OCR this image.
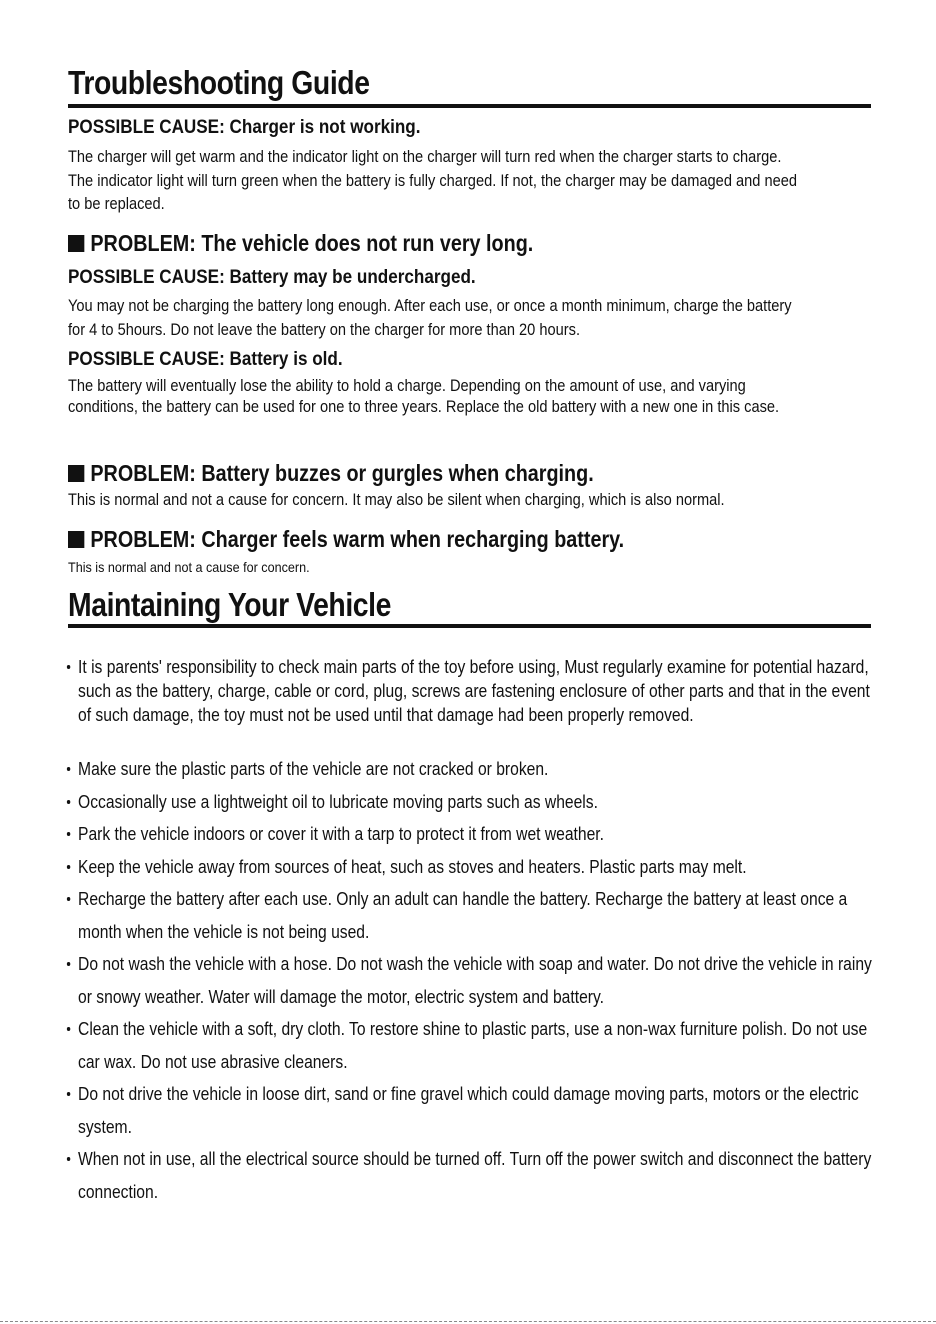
Troubleshooting Guide

POSSIBLE CAUSE: Charger is not working.

The charger will get warm and the indicator light on the charger will turn red when the charger starts to charge. The indicator light will turn green when the battery is fully charged. If not, the charger may be damaged and need to be replaced.

PROBLEM: The vehicle does not run very long.

POSSIBLE CAUSE: Battery may be undercharged.

You may not be charging the battery long enough. After each use, or once a month minimum, charge the battery for 4 to 5hours. Do not leave the battery on the charger for more than 20 hours.

POSSIBLE CAUSE: Battery is old.

The battery will eventually lose the ability to hold a charge. Depending on the amount of use, and varying conditions, the battery can be used for one to three years. Replace the old battery with a new one in this case.

PROBLEM: Battery buzzes or gurgles when charging.

This is normal and not a cause for concern. It may also be silent when charging, which is also normal.

PROBLEM: Charger feels warm when recharging battery.

This is normal and not a cause for concern.

Maintaining Your Vehicle
It is parents' responsibility to check main parts of the toy before using, Must regularly examine for potential hazard, such as the battery, charge, cable or cord, plug, screws are fastening enclosure of other parts and that in the event of such damage, the toy must not be used until that damage had been properly removed.
Make sure the plastic parts of the vehicle are not cracked or broken.
Occasionally use a lightweight oil to lubricate moving parts such as wheels.
Park the vehicle indoors or cover it with a tarp to protect it from wet weather.
Keep the vehicle away from sources of heat, such as stoves and heaters. Plastic parts may melt.
Recharge the battery after each use. Only an adult can handle the battery. Recharge the battery at least once a month when the vehicle is not being used.
Do not wash the vehicle with a hose. Do not wash the vehicle with soap and water. Do not drive the vehicle in rainy or snowy weather. Water will damage the motor, electric system and battery.
Clean the vehicle with a soft, dry cloth. To restore shine to plastic parts, use a non-wax furniture polish. Do not use car wax. Do not use abrasive cleaners.
Do not drive the vehicle in loose dirt, sand or fine gravel which could damage moving parts, motors or the electric system.
When not in use, all the electrical source should be turned off. Turn off the power switch and disconnect the battery connection.
